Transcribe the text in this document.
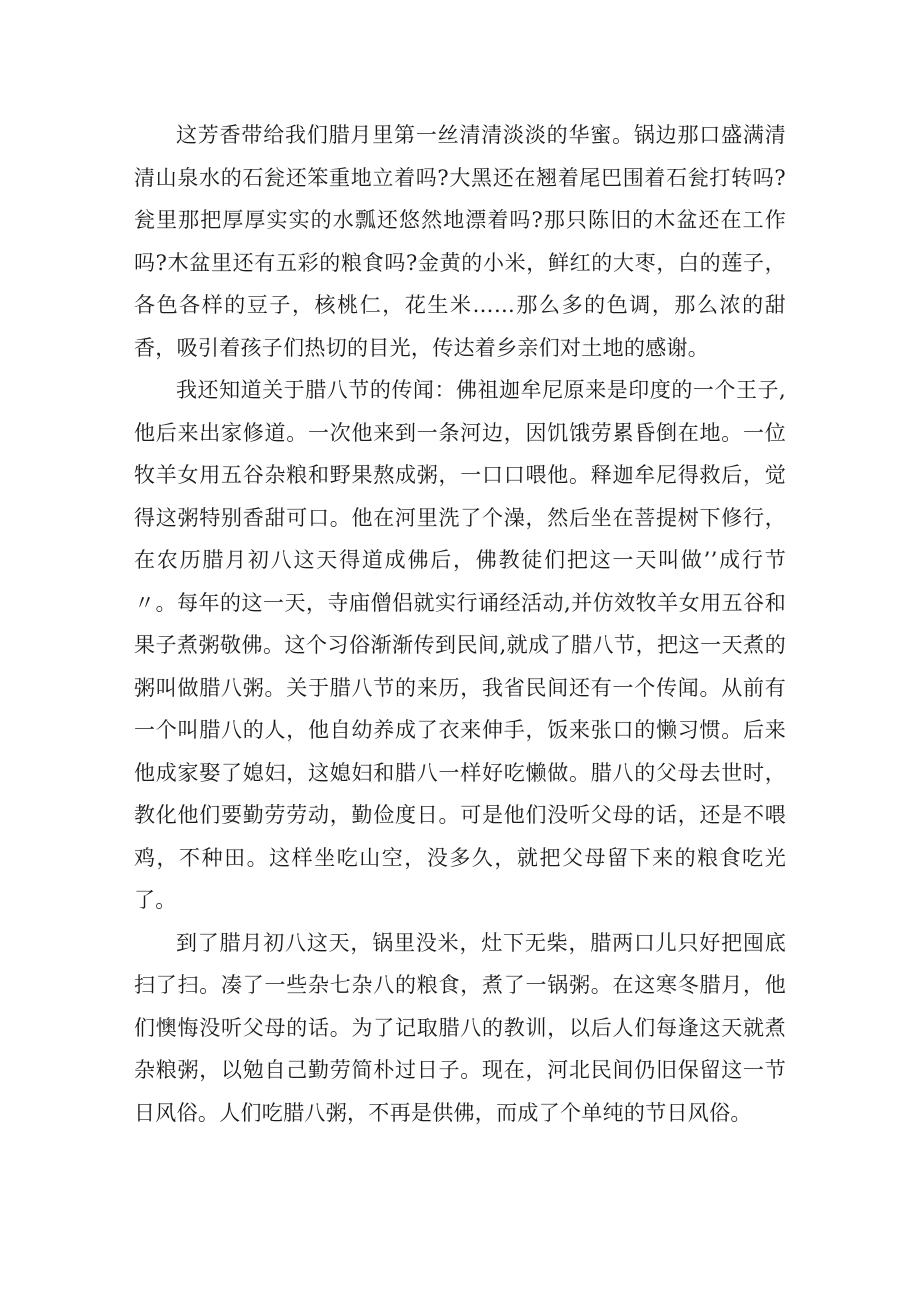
这芳香带给我们腊月里第一丝清清淡淡的华蜜。锅边那口盛满清清山泉水的石瓮还笨重地立着吗?大黑还在翘着尾巴围着石瓮打转吗?瓮里那把厚厚实实的水瓢还悠然地漂着吗?那只陈旧的木盆还在工作吗?木盆里还有五彩的粮食吗?金黄的小米，鲜红的大枣，白的莲子，各色各样的豆子，核桃仁，花生米……那么多的色调，那么浓的甜香，吸引着孩子们热切的目光，传达着乡亲们对土地的感谢。

我还知道关于腊八节的传闻：佛祖迦牟尼原来是印度的一个王子,他后来出家修道。一次他来到一条河边，因饥饿劳累昏倒在地。一位牧羊女用五谷杂粮和野果熬成粥，一口口喂他。释迦牟尼得救后，觉得这粥特别香甜可口。他在河里洗了个澡，然后坐在菩提树下修行，在农历腊月初八这天得道成佛后，佛教徒们把这一天叫做’’成行节〃。每年的这一天，寺庙僧侣就实行诵经活动,并仿效牧羊女用五谷和果子煮粥敬佛。这个习俗渐渐传到民间,就成了腊八节，把这一天煮的粥叫做腊八粥。关于腊八节的来历，我省民间还有一个传闻。从前有一个叫腊八的人，他自幼养成了衣来伸手，饭来张口的懒习惯。后来他成家娶了媳妇，这媳妇和腊八一样好吃懒做。腊八的父母去世时，教化他们要勤劳劳动，勤俭度日。可是他们没听父母的话，还是不喂鸡，不种田。这样坐吃山空，没多久，就把父母留下来的粮食吃光了。

到了腊月初八这天，锅里没米，灶下无柴，腊两口儿只好把囤底扫了扫。凑了一些杂七杂八的粮食，煮了一锅粥。在这寒冬腊月，他们懊悔没听父母的话。为了记取腊八的教训，以后人们每逢这天就煮杂粮粥，以勉自己勤劳简朴过日子。现在，河北民间仍旧保留这一节日风俗。人们吃腊八粥，不再是供佛，而成了个单纯的节日风俗。
